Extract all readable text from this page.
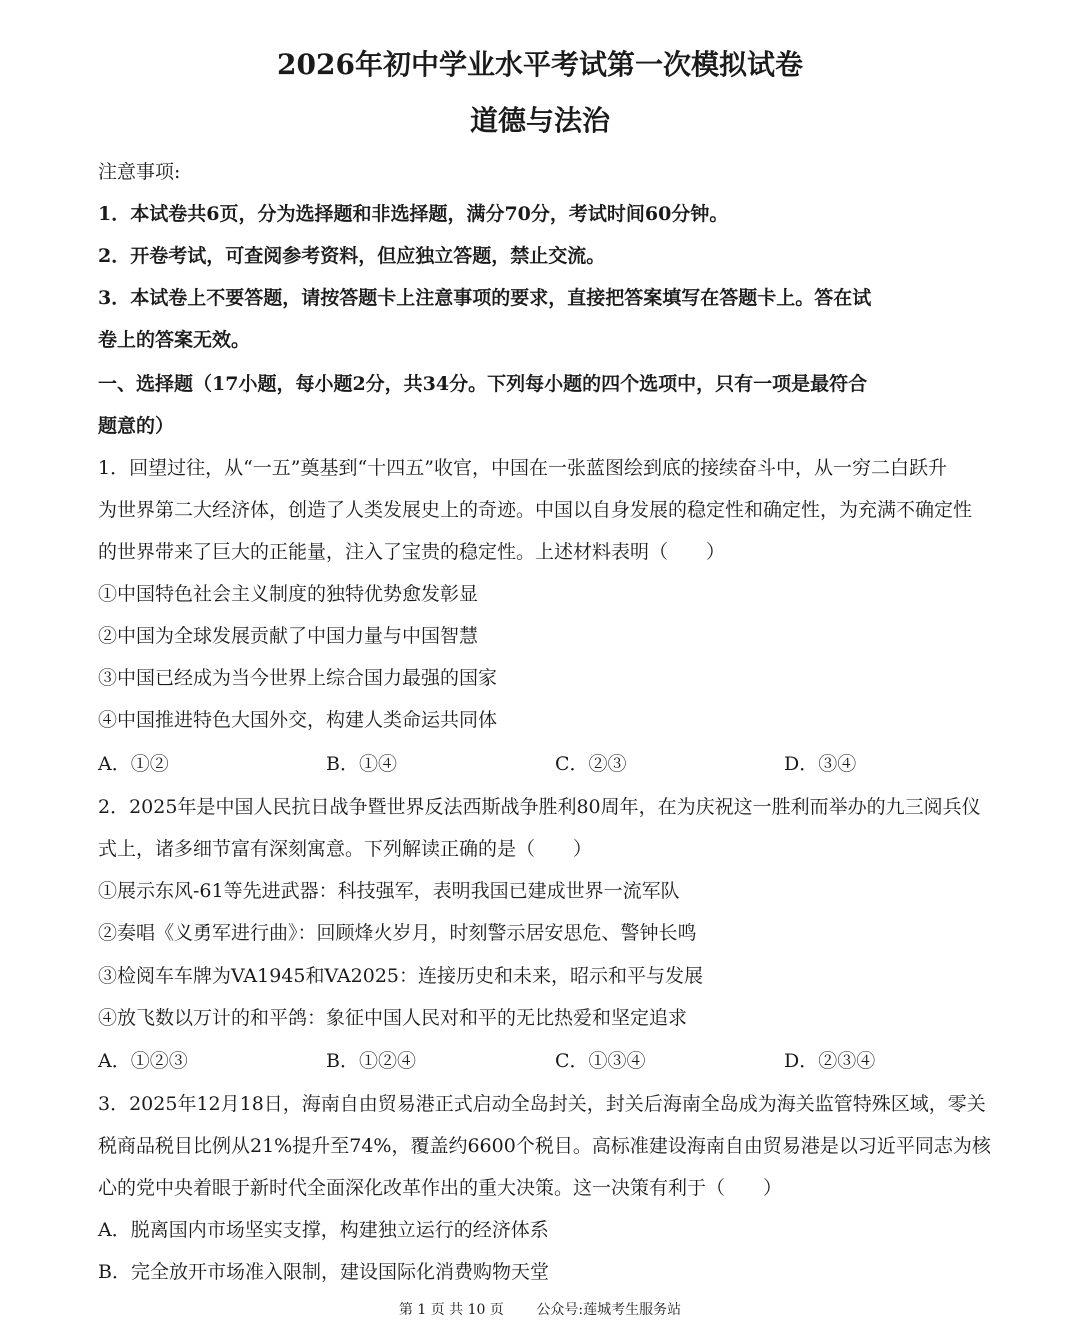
2026年初中学业水平考试第一次模拟试卷
道德与法治
注意事项:
1．本试卷共6页，分为选择题和非选择题，满分70分，考试时间60分钟。
2．开卷考试，可查阅参考资料，但应独立答题，禁止交流。
3．本试卷上不要答题，请按答题卡上注意事项的要求，直接把答案填写在答题卡上。答在试
卷上的答案无效。
一、选择题（17小题，每小题2分，共34分。下列每小题的四个选项中，只有一项是最符合
题意的）
1．回望过往，从“一五”奠基到“十四五”收官，中国在一张蓝图绘到底的接续奋斗中，从一穷二白跃升
为世界第二大经济体，创造了人类发展史上的奇迹。中国以自身发展的稳定性和确定性，为充满不确定性
的世界带来了巨大的正能量，注入了宝贵的稳定性。上述材料表明（　　）
①中国特色社会主义制度的独特优势愈发彰显
②中国为全球发展贡献了中国力量与中国智慧
③中国已经成为当今世界上综合国力最强的国家
④中国推进特色大国外交，构建人类命运共同体
A．①②	B．①④	C．②③	D．③④
2．2025年是中国人民抗日战争暨世界反法西斯战争胜利80周年，在为庆祝这一胜利而举办的九三阅兵仪
式上，诸多细节富有深刻寓意。下列解读正确的是（　　）
①展示东风-61等先进武器：科技强军，表明我国已建成世界一流军队
②奏唱《义勇军进行曲》：回顾烽火岁月，时刻警示居安思危、警钟长鸣
③检阅车车牌为VA1945和VA2025：连接历史和未来，昭示和平与发展
④放飞数以万计的和平鸽：象征中国人民对和平的无比热爱和坚定追求
A．①②③	B．①②④	C．①③④	D．②③④
3．2025年12月18日，海南自由贸易港正式启动全岛封关，封关后海南全岛成为海关监管特殊区域，零关
税商品税目比例从21%提升至74%，覆盖约6600个税目。高标准建设海南自由贸易港是以习近平同志为核
心的党中央着眼于新时代全面深化改革作出的重大决策。这一决策有利于（　　）
A．脱离国内市场坚实支撑，构建独立运行的经济体系
B．完全放开市场准入限制，建设国际化消费购物天堂
第 1 页 共 10 页 公众号:莲城考生服务站
